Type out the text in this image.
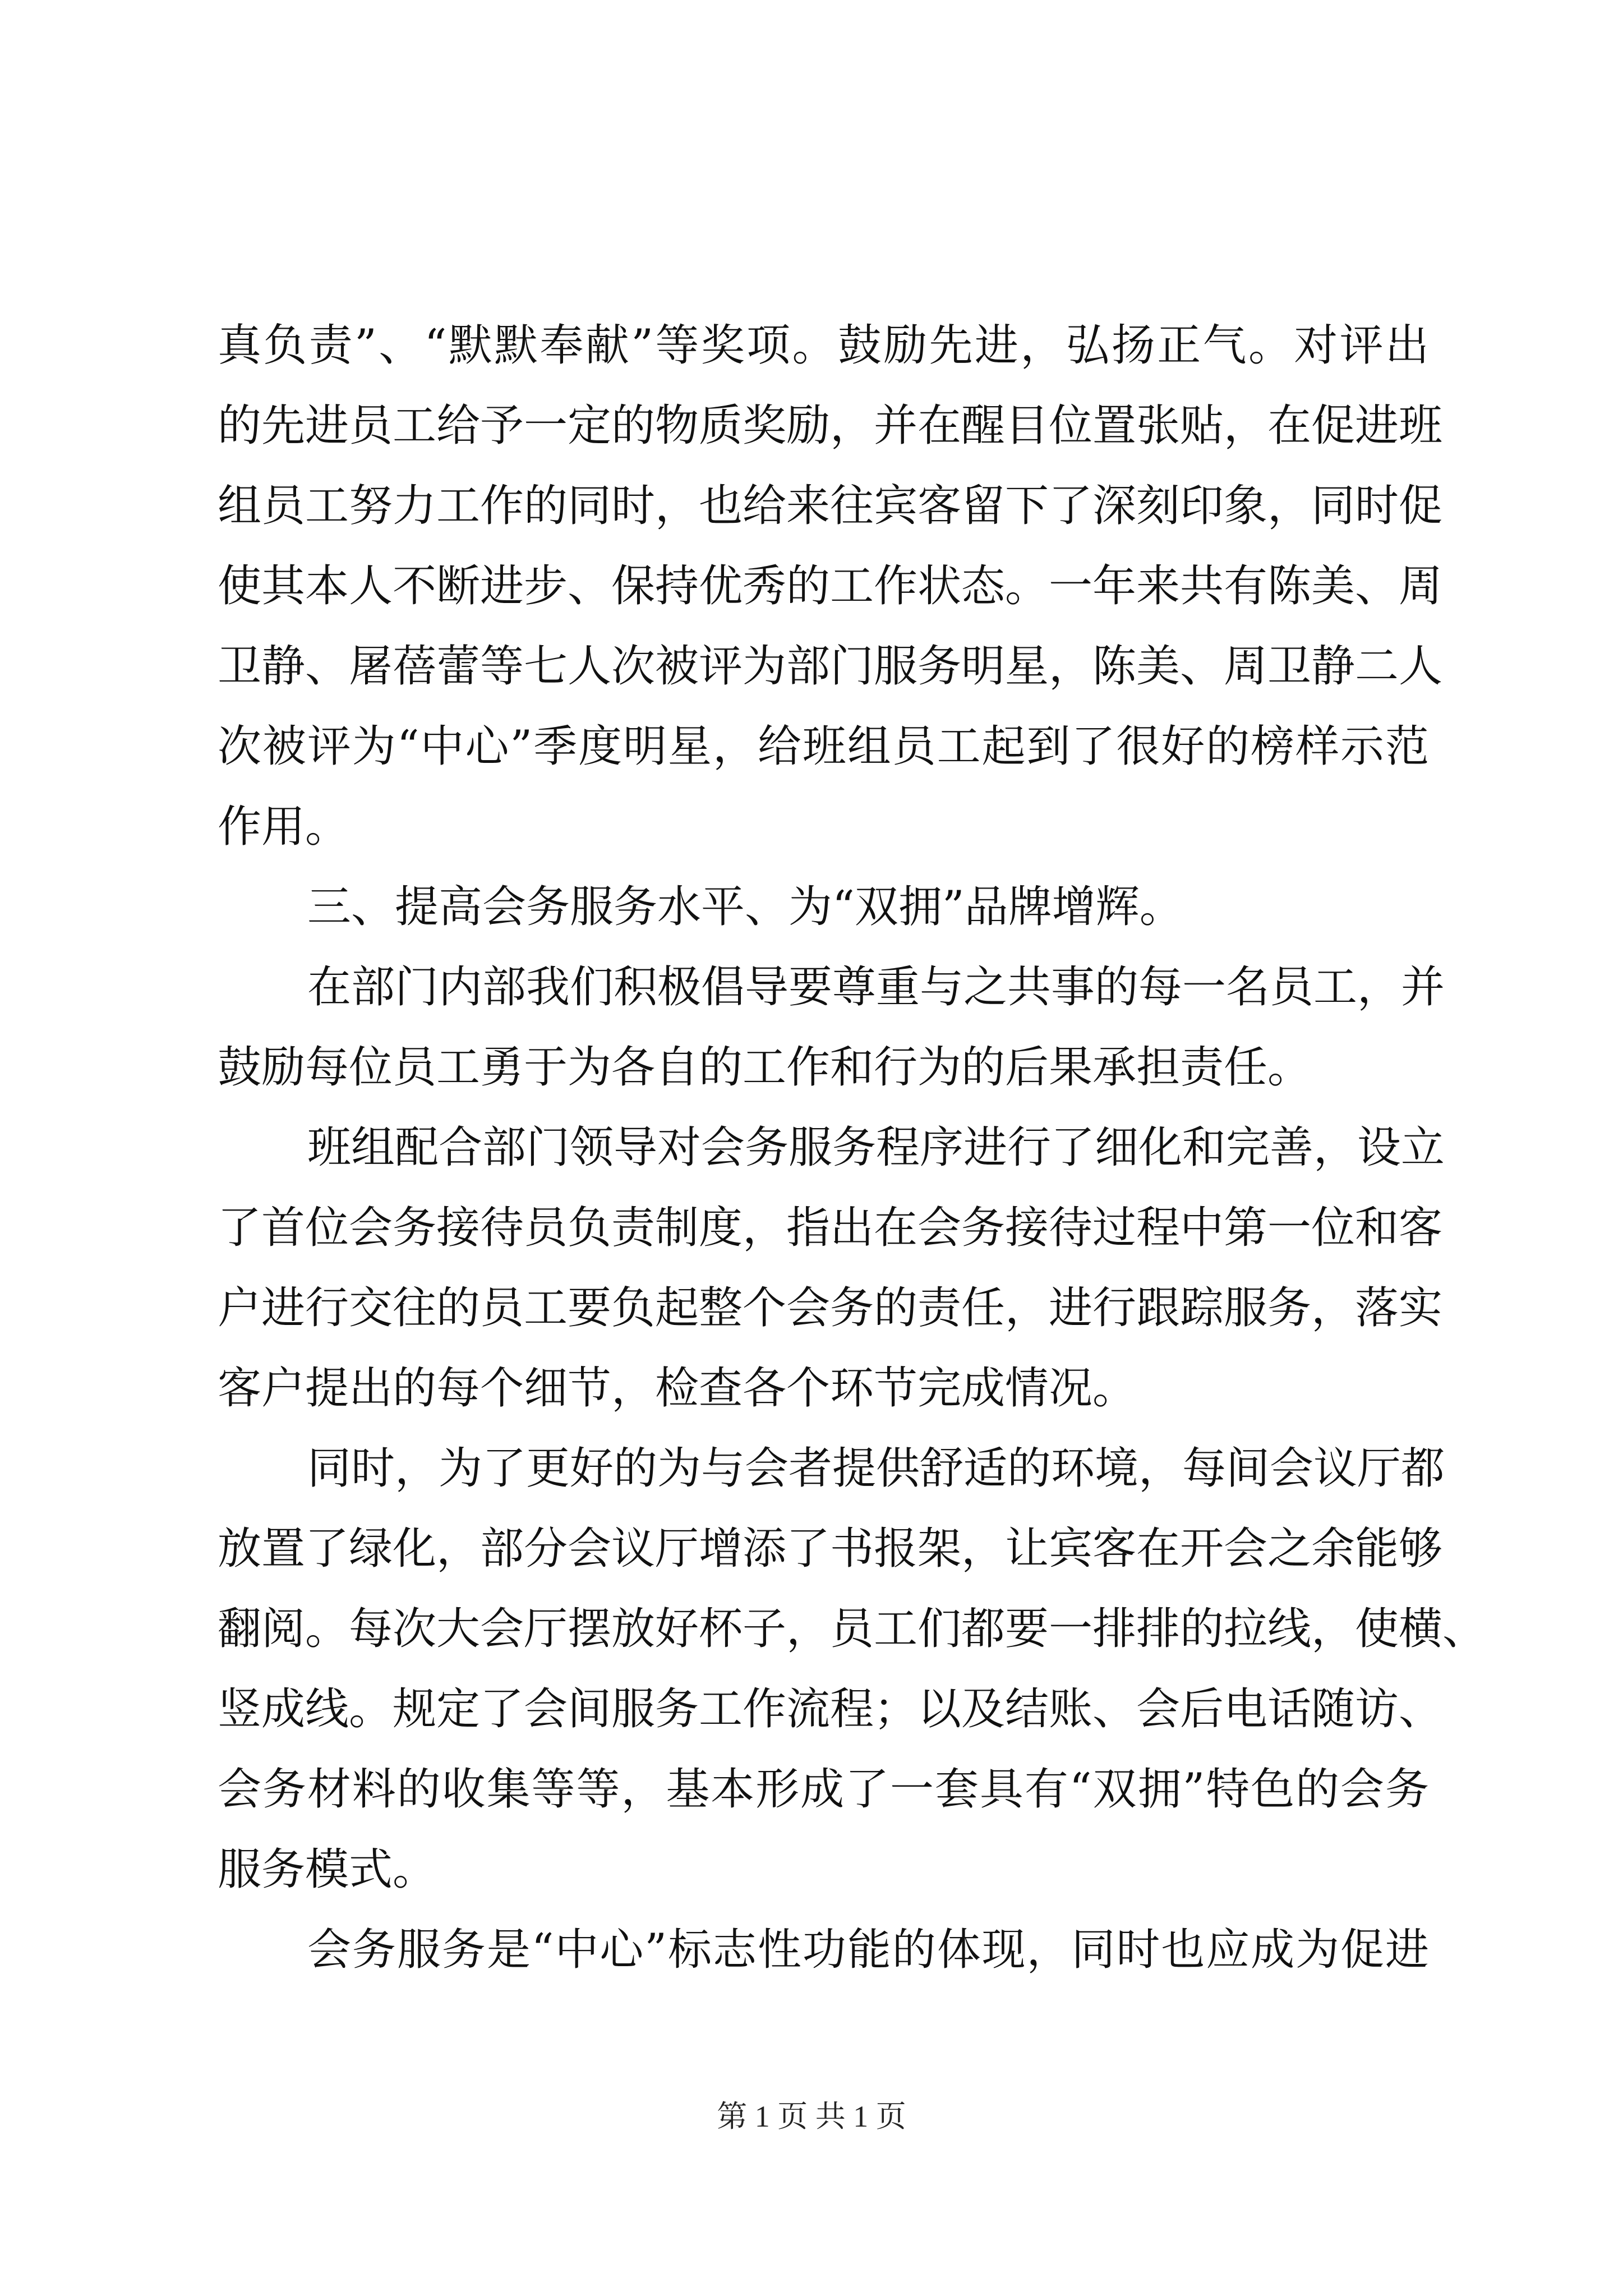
真负责”、“默默奉献”等奖项。鼓励先进，弘扬正气。对评出
的先进员工给予一定的物质奖励，并在醒目位置张贴，在促进班
组员工努力工作的同时，也给来往宾客留下了深刻印象，同时促
使其本人不断进步、保持优秀的工作状态。一年来共有陈美、周
卫静、屠蓓蕾等七人次被评为部门服务明星，陈美、周卫静二人
次被评为“中心”季度明星，给班组员工起到了很好的榜样示范
作用。
三、提高会务服务水平、为“双拥”品牌增辉。
在部门内部我们积极倡导要尊重与之共事的每一名员工，并
鼓励每位员工勇于为各自的工作和行为的后果承担责任。
班组配合部门领导对会务服务程序进行了细化和完善，设立
了首位会务接待员负责制度，指出在会务接待过程中第一位和客
户进行交往的员工要负起整个会务的责任，进行跟踪服务，落实
客户提出的每个细节，检查各个环节完成情况。
同时，为了更好的为与会者提供舒适的环境，每间会议厅都
放置了绿化，部分会议厅增添了书报架，让宾客在开会之余能够
翻阅。每次大会厅摆放好杯子，员工们都要一排排的拉线，使横、
竖成线。规定了会间服务工作流程；以及结账、会后电话随访、
会务材料的收集等等，基本形成了一套具有“双拥”特色的会务
服务模式。
会务服务是“中心”标志性功能的体现，同时也应成为促进
第 1 页 共 1 页
